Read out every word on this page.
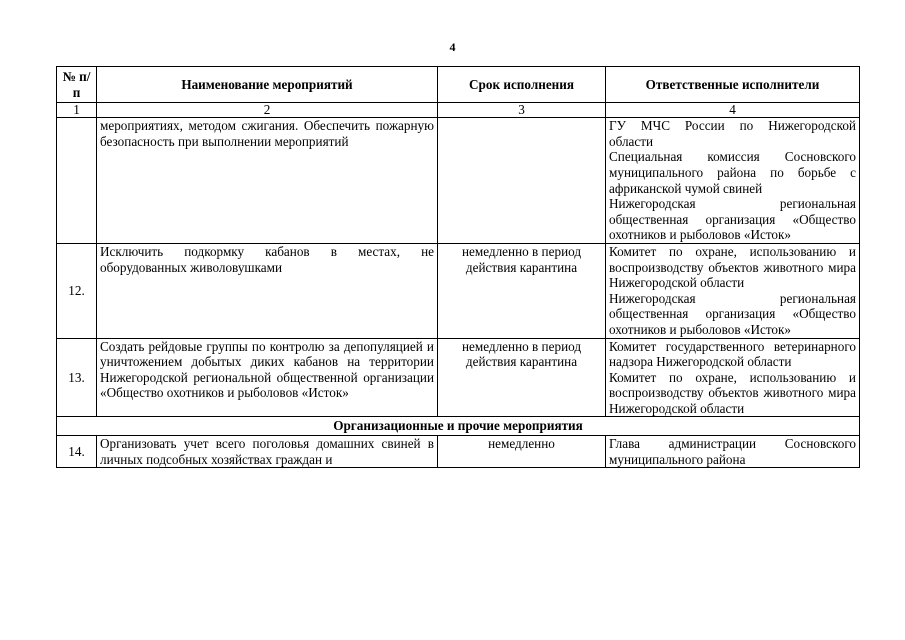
4
№ п/п	Наименование мероприятий	Срок исполнения	Ответственные исполнители
1	2	3	4
	мероприятиях, методом сжигания. Обеспечить пожарную безопасность при выполнении мероприятий		ГУ МЧС России по Нижегородской области
Специальная комиссия Сосновского муниципального района по борьбе с африканской чумой свиней
Нижегородская региональная общественная организация «Общество охотников и рыболовов «Исток»

12.	Исключить подкормку кабанов в местах, не оборудованных живоловушками	немедленно в период действия карантина	Комитет по охране, использованию и воспроизводству объектов животного мира Нижегородской области
Нижегородская региональная общественная организация «Общество охотников и рыболовов «Исток»

13.	Создать рейдовые группы по контролю за депопуляцией и уничтожением добытых диких кабанов на территории Нижегородской региональной общественной организации «Общество охотников и рыболовов «Исток»	немедленно в период действия карантина	Комитет государственного ветеринарного надзора Нижегородской области
Комитет по охране, использованию и воспроизводству объектов животного мира Нижегородской области

Организационные и прочие мероприятия			
14.	Организовать учет всего поголовья домашних свиней в личных подсобных хозяйствах граждан и	немедленно	Глава администрации Сосновского муниципального района
